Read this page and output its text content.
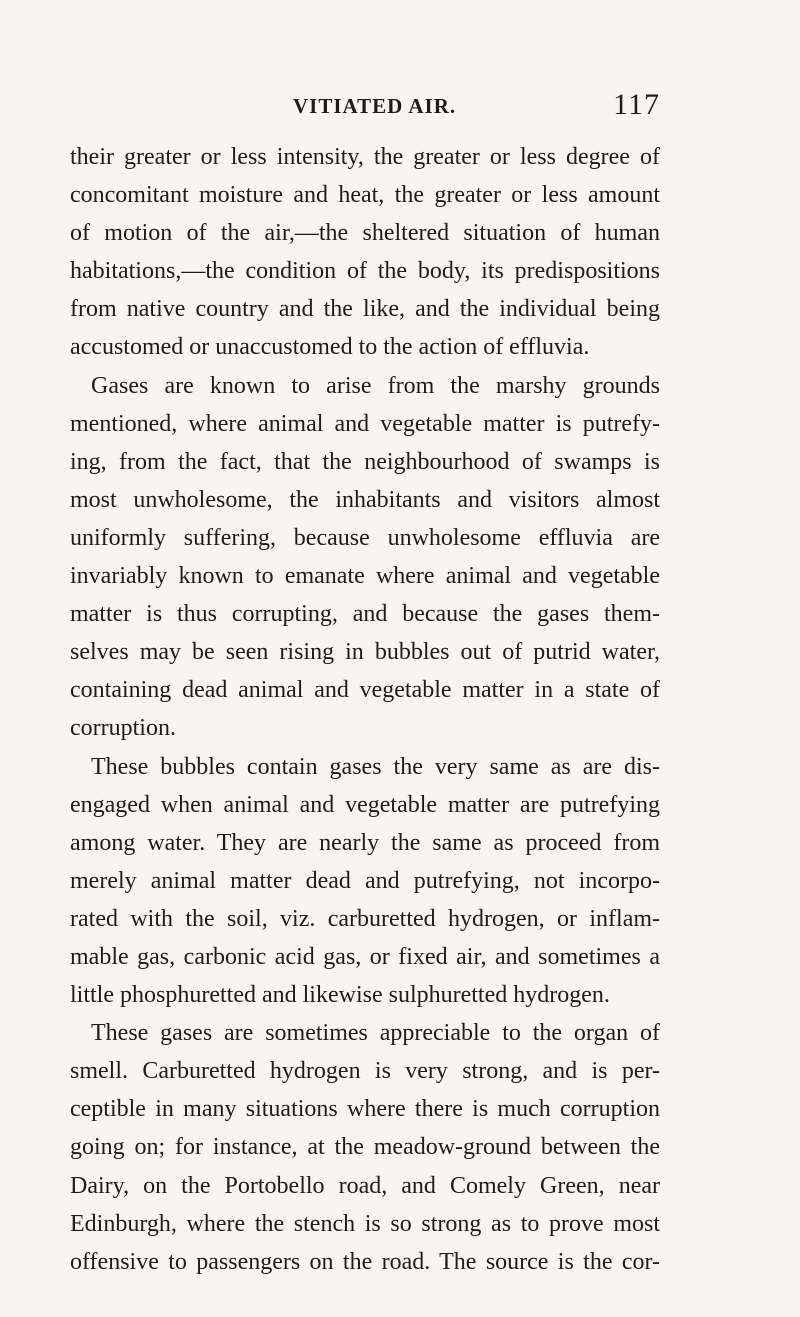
VITIATED AIR.	117
their greater or less intensity, the greater or less degree of
concomitant moisture and heat, the greater or less amount
of motion of the air,—the sheltered situation of human
habitations,—the condition of the body, its predispositions
from native country and the like, and the individual being
accustomed or unaccustomed to the action of effluvia.
Gases are known to arise from the marshy grounds
mentioned, where animal and vegetable matter is putrefy-
ing, from the fact, that the neighbourhood of swamps is
most unwholesome, the inhabitants and visitors almost
uniformly suffering, because unwholesome effluvia are
invariably known to emanate where animal and vegetable
matter is thus corrupting, and because the gases them-
selves may be seen rising in bubbles out of putrid water,
containing dead animal and vegetable matter in a state of
corruption.
These bubbles contain gases the very same as are dis-
engaged when animal and vegetable matter are putrefying
among water. They are nearly the same as proceed from
merely animal matter dead and putrefying, not incorpo-
rated with the soil, viz. carburetted hydrogen, or inflam-
mable gas, carbonic acid gas, or fixed air, and sometimes a
little phosphuretted and likewise sulphuretted hydrogen.
These gases are sometimes appreciable to the organ of
smell. Carburetted hydrogen is very strong, and is per-
ceptible in many situations where there is much corruption
going on; for instance, at the meadow-ground between the
Dairy, on the Portobello road, and Comely Green, near
Edinburgh, where the stench is so strong as to prove most
offensive to passengers on the road. The source is the cor-
